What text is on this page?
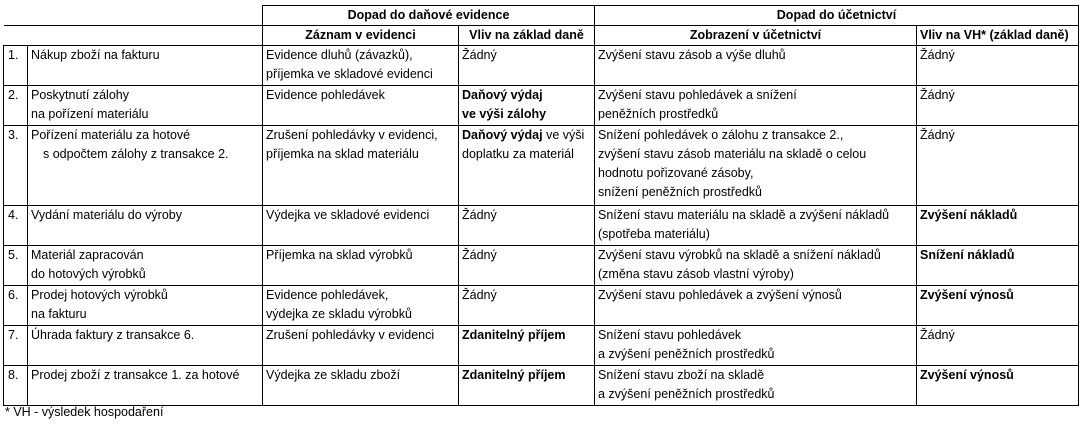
		Dopad do daňové evidence		Dopad do účetnictví	
		Záznam v evidenci	Vliv na základ daně	Zobrazení v účetnictví	Vliv na VH* (základ daně)
1.	Nákup zboží na fakturu	Evidence dluhů (závazků),
příjemka ve skladové evidenci	Žádný	Zvýšení stavu zásob a výše dluhů	Žádný
2.	Poskytnutí zálohy
na pořízení materiálu	Evidence pohledávek	Daňový výdaj
ve výši zálohy	Zvýšení stavu pohledávek a snížení
peněžních prostředků	Žádný
3.	Pořízení materiálu za hotové
s odpočtem zálohy z transakce 2.	Zrušení pohledávky v evidenci,
příjemka na sklad materiálu	Daňový výdaj ve výši
doplatku za materiál	Snížení pohledávek o zálohu z transakce 2.,
zvýšení stavu zásob materiálu na skladě o celou
hodnotu pořizované zásoby,
snížení peněžních prostředků	Žádný
4.	Vydání materiálu do výroby	Výdejka ve skladové evidenci	Žádný	Snížení stavu materiálu na skladě a zvýšení nákladů
(spotřeba materiálu)	Zvýšení nákladů
5.	Materiál zapracován
do hotových výrobků	Příjemka na sklad výrobků	Žádný	Zvýšení stavu výrobků na skladě a snížení nákladů
(změna stavu zásob vlastní výroby)	Snížení nákladů
6.	Prodej hotových výrobků
na fakturu	Evidence pohledávek,
výdejka ze skladu výrobků	Žádný	Zvýšení stavu pohledávek a zvýšení výnosů	Zvýšení výnosů
7.	Úhrada faktury z transakce 6.	Zrušení pohledávky v evidenci	Zdanitelný příjem	Snížení stavu pohledávek
a zvýšení peněžních prostředků	Žádný
8.	Prodej zboží z transakce 1. za hotové	Výdejka ze skladu zboží	Zdanitelný příjem	Snížení stavu zboží na skladě
a zvýšení peněžních prostředků	Zvýšení výnosů
* VH - výsledek hospodaření
